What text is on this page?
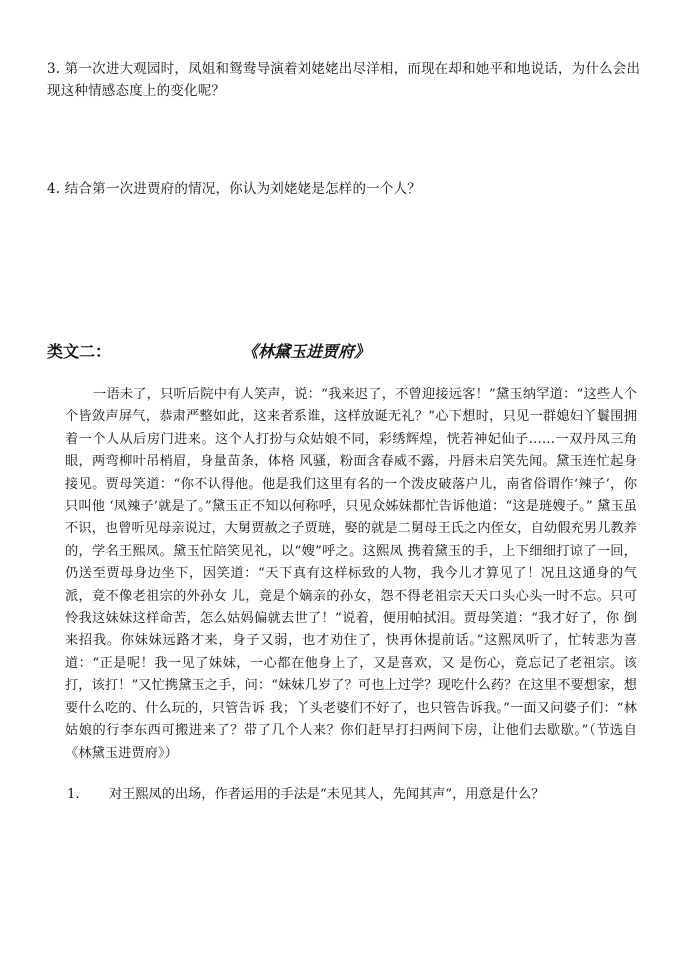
3. 第一次进大观园时，凤姐和鸳鸯导演着刘姥姥出尽洋相，而现在却和她平和地说话，为什么会出现这种情感态度上的变化呢？
4. 结合第一次进贾府的情况，你认为刘姥姥是怎样的一个人？
类文二：	《林黛玉进贾府》

一语未了，只听后院中有人笑声，说：“我来迟了，不曾迎接远客！”黛玉纳罕道：“这些人个个皆敛声屏气，恭肃严整如此，这来者系谁，这样放诞无礼？”心下想时，只见一群媳妇丫鬟围拥着一个人从后房门进来。这个人打扮与众姑娘不同，彩绣辉煌，恍若神妃仙子……一双丹凤三角眼，两弯柳叶吊梢眉，身量苗条，体格 风骚，粉面含春威不露，丹唇未启笑先闻。黛玉连忙起身接见。贾母笑道：“你不认得他。他是我们这里有名的一个泼皮破落户儿，南省俗谓作‘辣子’，你只叫他 ‘凤辣子’就是了。”黛玉正不知以何称呼，只见众姊妹都忙告诉他道：“这是琏嫂子。” 黛玉虽不识，也曾听见母亲说过，大舅贾赦之子贾琏，娶的就是二舅母王氏之内侄女，自幼假充男儿教养的，学名王熙凤。黛玉忙陪笑见礼，以“嫂”呼之。这熙凤 携着黛玉的手，上下细细打谅了一回，仍送至贾母身边坐下，因笑道：“天下真有这样标致的人物，我今儿才算见了！况且这通身的气派，竟不像老祖宗的外孙女 儿，竟是个嫡亲的孙女，怨不得老祖宗天天口头心头一时不忘。只可怜我这妹妹这样命苦，怎么姑妈偏就去世了！”说着，便用帕拭泪。贾母笑道：“我才好了，你 倒来招我。你妹妹远路才来，身子又弱，也才劝住了，快再休提前话。”这熙凤听了，忙转悲为喜道：“正是呢！我一见了妹妹，一心都在他身上了，又是喜欢，又 是伤心，竟忘记了老祖宗。该打，该打！”又忙携黛玉之手，问：“妹妹几岁了？可也上过学？现吃什么药？在这里不要想家，想要什么吃的、什么玩的，只管告诉 我；丫头老婆们不好了，也只管告诉我。”一面又问婆子们：“林姑娘的行李东西可搬进来了？带了几个人来？你们赶早打扫两间下房，让他们去歇歇。”（节选自 《林黛玉进贾府》）

1. 对王熙凤的出场，作者运用的手法是“未见其人，先闻其声”，用意是什么？
